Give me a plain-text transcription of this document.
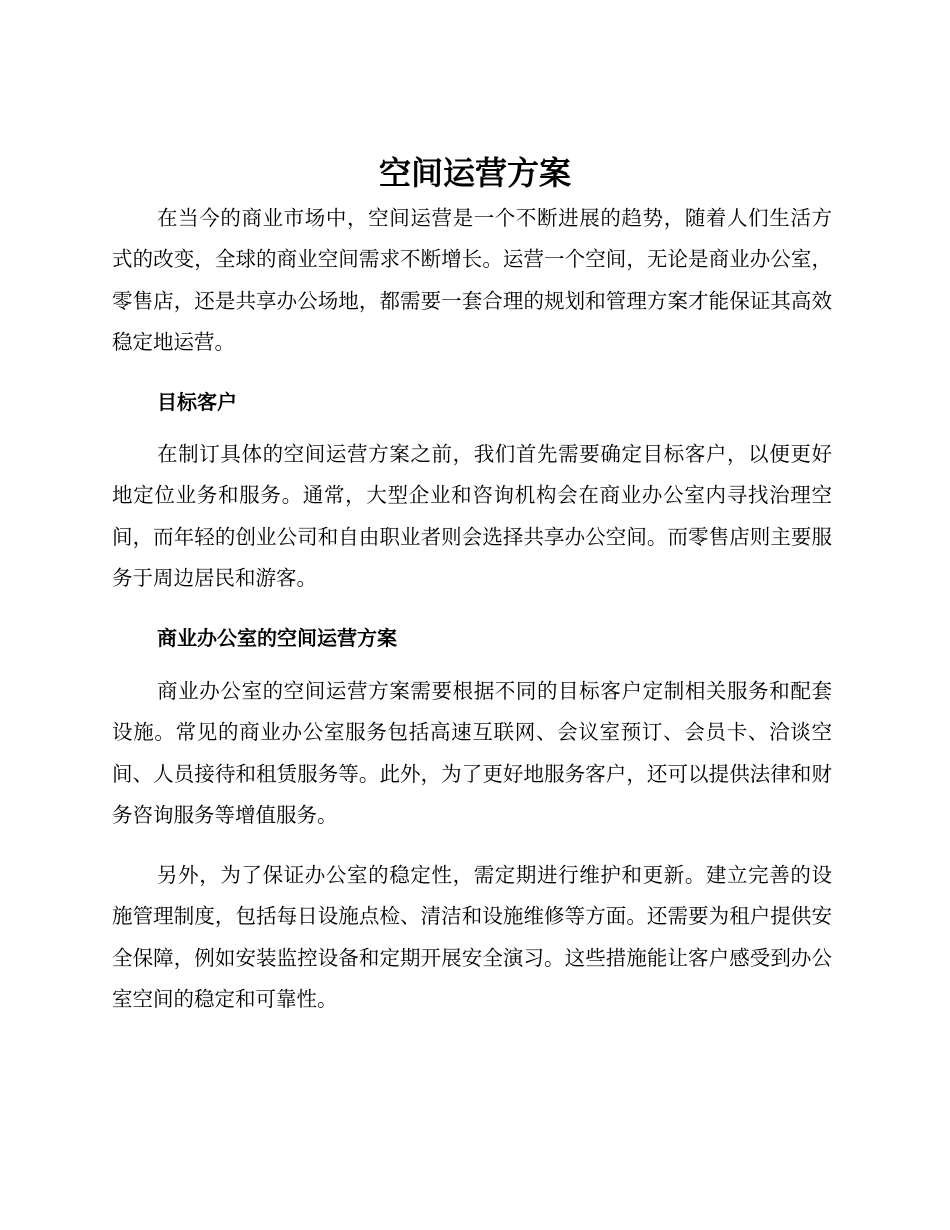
空间运营方案

在当今的商业市场中，空间运营是一个不断进展的趋势，随着人们生活方式的改变，全球的商业空间需求不断增长。运营一个空间，无论是商业办公室，零售店，还是共享办公场地，都需要一套合理的规划和管理方案才能保证其高效稳定地运营。

目标客户

在制订具体的空间运营方案之前，我们首先需要确定目标客户，以便更好地定位业务和服务。通常，大型企业和咨询机构会在商业办公室内寻找治理空间，而年轻的创业公司和自由职业者则会选择共享办公空间。而零售店则主要服务于周边居民和游客。

商业办公室的空间运营方案

商业办公室的空间运营方案需要根据不同的目标客户定制相关服务和配套设施。常见的商业办公室服务包括高速互联网、会议室预订、会员卡、洽谈空间、人员接待和租赁服务等。此外，为了更好地服务客户，还可以提供法律和财务咨询服务等增值服务。

另外，为了保证办公室的稳定性，需定期进行维护和更新。建立完善的设施管理制度，包括每日设施点检、清洁和设施维修等方面。还需要为租户提供安全保障，例如安装监控设备和定期开展安全演习。这些措施能让客户感受到办公室空间的稳定和可靠性。
